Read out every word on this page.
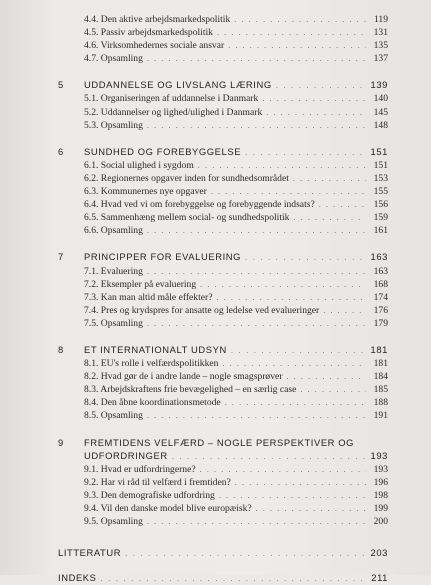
4.4. Den aktive arbejdsmarkedspolitik . . .	119
4.5. Passiv arbejdsmarkedspolitik . . .	131
4.6. Virksomhedernes sociale ansvar . . .	135
4.7. Opsamling . . .	137
5	UDDANNELSE OG LIVSLANG LÆRING . . .	139
5.1. Organiseringen af uddannelse i Danmark . . .	140
5.2. Uddannelser og lighed/ulighed i Danmark . . .	145
5.3. Opsamling . . .	148
6	SUNDHED OG FOREBYGGELSE . . .	151
6.1. Social ulighed i sygdom . . .	151
6.2. Regionernes opgaver inden for sundhedsområdet . . .	153
6.3. Kommunernes nye opgaver . . .	155
6.4. Hvad ved vi om forebyggelse og forebyggende indsats? . . .	156
6.5. Sammenhæng mellem social- og sundhedspolitik . . .	159
6.6. Opsamling . . .	161
7	PRINCIPPER FOR EVALUERING . . .	163
7.1. Evaluering . . .	163
7.2. Eksempler på evaluering . . .	168
7.3. Kan man altid måle effekter? . . .	174
7.4. Pres og krydspres for ansatte og ledelse ved evalueringer . . .	176
7.5. Opsamling . . .	179
8	ET INTERNATIONALT UDSYN . . .	181
8.1. EU's rolle i velfærdspolitikken . . .	181
8.2. Hvad gør de i andre lande – nogle smagsprøver . . .	184
8.3. Arbejdskraftens frie bevægelighed – en særlig case . . .	185
8.4. Den åbne koordinationsmetode . . .	188
8.5. Opsamling . . .	191
9	FREMTIDENS VELFÆRD – NOGLE PERSPEKTIVER OG
UDFORDRINGER . . .	193
9.1. Hvad er udfordringerne? . . .	193
9.2. Har vi råd til velfærd i fremtiden? . . .	196
9.3. Den demografiske udfordring . . .	198
9.4. Vil den danske model blive europæisk? . . .	199
9.5. Opsamling . . .	200
LITTERATUR . . .	203
INDEKS . . .	211
